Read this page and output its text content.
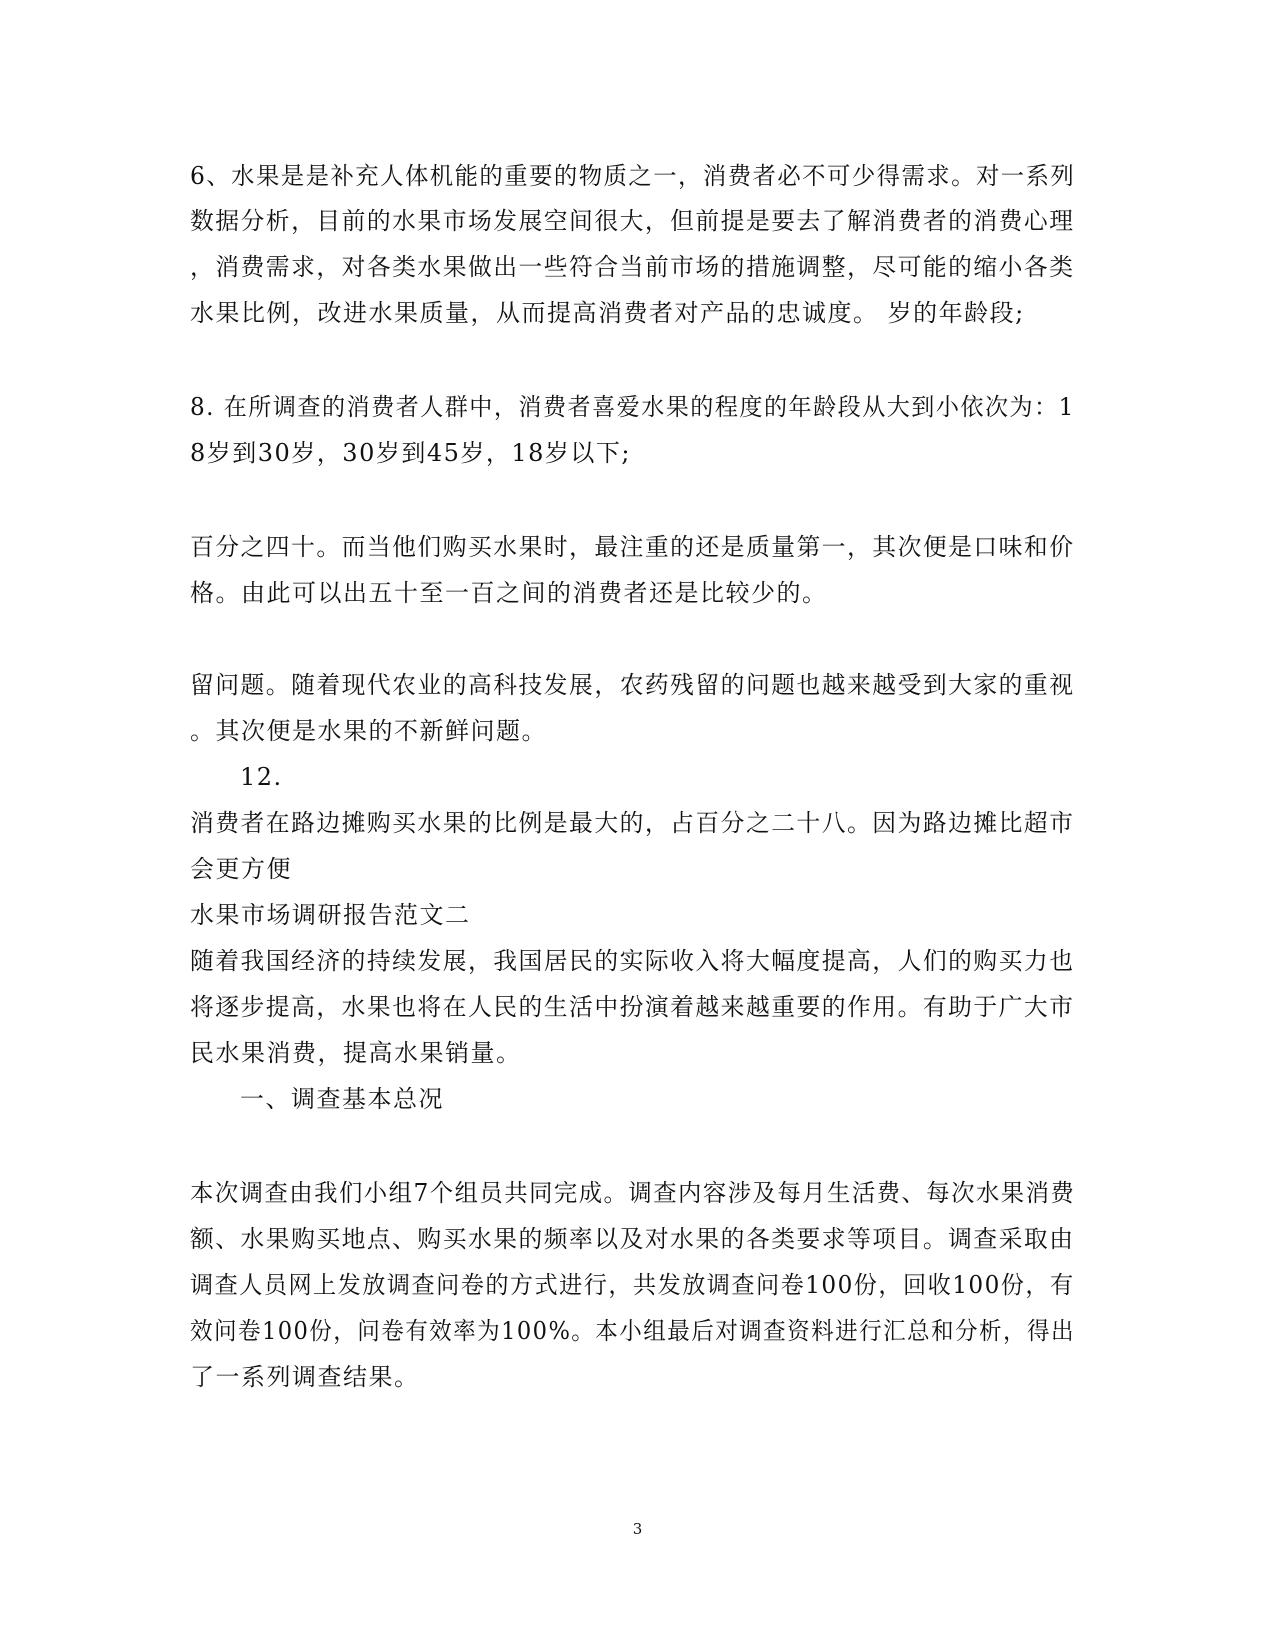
6、水果是是补充人体机能的重要的物质之一，消费者必不可少得需求。对一系列
数据分析，目前的水果市场发展空间很大，但前提是要去了解消费者的消费心理
，消费需求，对各类水果做出一些符合当前市场的措施调整，尽可能的缩小各类
水果比例，改进水果质量，从而提高消费者对产品的忠诚度。 岁的年龄段;
8. 在所调查的消费者人群中，消费者喜爱水果的程度的年龄段从大到小依次为：1
8岁到30岁，30岁到45岁，18岁以下;
百分之四十。而当他们购买水果时，最注重的还是质量第一，其次便是口味和价
格。由此可以出五十至一百之间的消费者还是比较少的。
留问题。随着现代农业的高科技发展，农药残留的问题也越来越受到大家的重视
。其次便是水果的不新鲜问题。
12.
消费者在路边摊购买水果的比例是最大的，占百分之二十八。因为路边摊比超市
会更方便
水果市场调研报告范文二
随着我国经济的持续发展，我国居民的实际收入将大幅度提高，人们的购买力也
将逐步提高，水果也将在人民的生活中扮演着越来越重要的作用。有助于广大市
民水果消费，提高水果销量。
一、调查基本总况
本次调查由我们小组7个组员共同完成。调查内容涉及每月生活费、每次水果消费
额、水果购买地点、购买水果的频率以及对水果的各类要求等项目。调查采取由
调查人员网上发放调查问卷的方式进行，共发放调查问卷100份，回收100份，有
效问卷100份，问卷有效率为100%。本小组最后对调查资料进行汇总和分析，得出
了一系列调查结果。
3
